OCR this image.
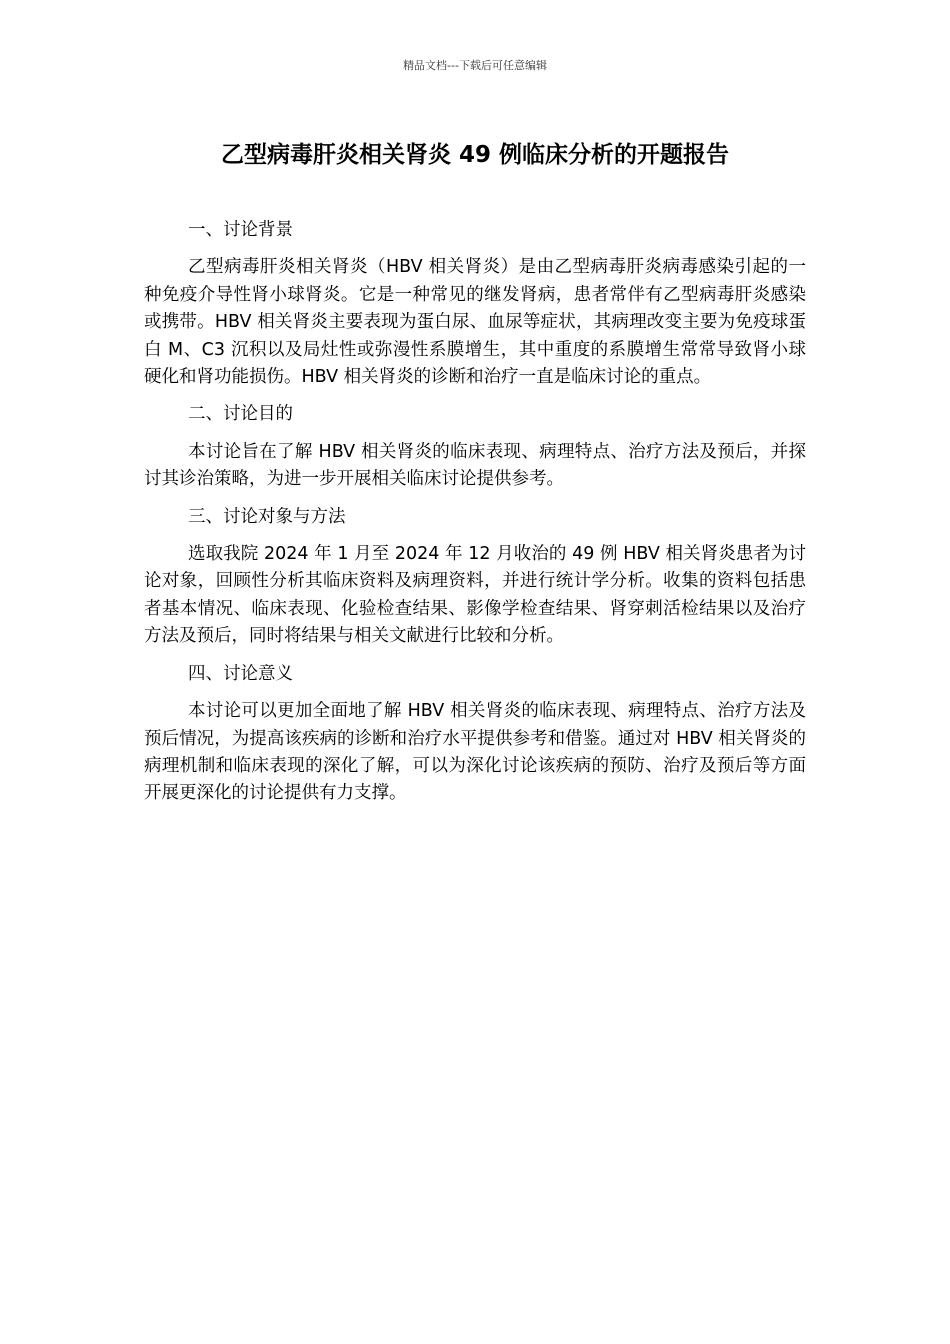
精品文档---下载后可任意编辑
乙型病毒肝炎相关肾炎 49 例临床分析的开题报告
一、讨论背景

乙型病毒肝炎相关肾炎（HBV 相关肾炎）是由乙型病毒肝炎病毒感染引起的一种免疫介导性肾小球肾炎。它是一种常见的继发肾病，患者常伴有乙型病毒肝炎感染或携带。HBV 相关肾炎主要表现为蛋白尿、血尿等症状，其病理改变主要为免疫球蛋白 M、C3 沉积以及局灶性或弥漫性系膜增生，其中重度的系膜增生常常导致肾小球硬化和肾功能损伤。HBV 相关肾炎的诊断和治疗一直是临床讨论的重点。

二、讨论目的

本讨论旨在了解 HBV 相关肾炎的临床表现、病理特点、治疗方法及预后，并探讨其诊治策略，为进一步开展相关临床讨论提供参考。

三、讨论对象与方法

选取我院 2024 年 1 月至 2024 年 12 月收治的 49 例 HBV 相关肾炎患者为讨论对象，回顾性分析其临床资料及病理资料，并进行统计学分析。收集的资料包括患者基本情况、临床表现、化验检查结果、影像学检查结果、肾穿刺活检结果以及治疗方法及预后，同时将结果与相关文献进行比较和分析。

四、讨论意义

本讨论可以更加全面地了解 HBV 相关肾炎的临床表现、病理特点、治疗方法及预后情况，为提高该疾病的诊断和治疗水平提供参考和借鉴。通过对 HBV 相关肾炎的病理机制和临床表现的深化了解，可以为深化讨论该疾病的预防、治疗及预后等方面开展更深化的讨论提供有力支撑。
